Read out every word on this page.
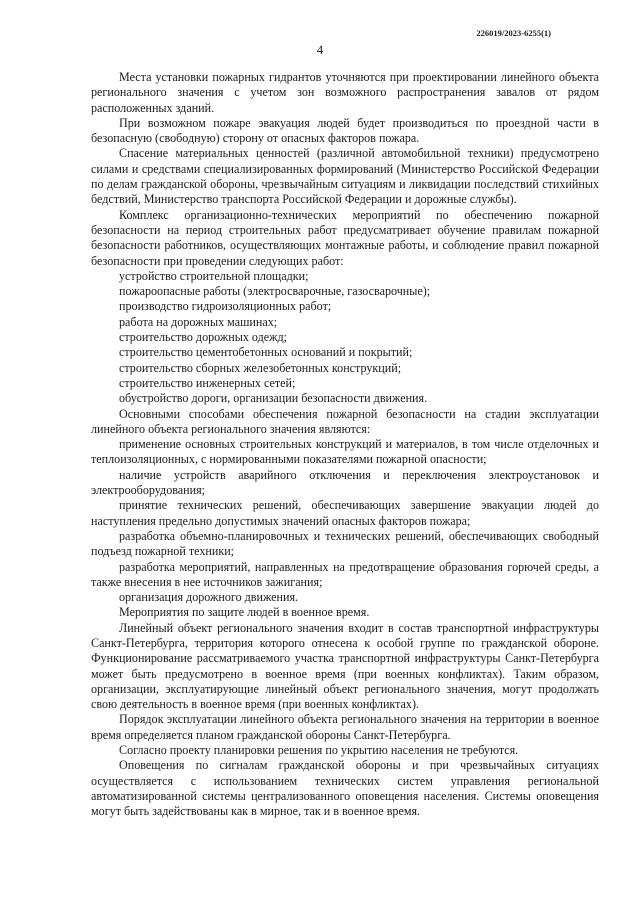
226019/2023-6255(1)
4

Места установки пожарных гидрантов уточняются при проектировании линейного объекта регионального значения с учетом зон возможного распространения завалов от рядом расположенных зданий.

При возможном пожаре эвакуация людей будет производиться по проездной части в безопасную (свободную) сторону от опасных факторов пожара.

Спасение материальных ценностей (различной автомобильной техники) предусмотрено силами и средствами специализированных формирований (Министерство Российской Федерации по делам гражданской обороны, чрезвычайным ситуациям и ликвидации последствий стихийных бедствий, Министерство транспорта Российской Федерации и дорожные службы).

Комплекс организационно-технических мероприятий по обеспечению пожарной безопасности на период строительных работ предусматривает обучение правилам пожарной безопасности работников, осуществляющих монтажные работы, и соблюдение правил пожарной безопасности при проведении следующих работ:

устройство строительной площадки;

пожароопасные работы (электросварочные, газосварочные);

производство гидроизоляционных работ;

работа на дорожных машинах;

строительство дорожных одежд;

строительство цементобетонных оснований и покрытий;

строительство сборных железобетонных конструкций;

строительство инженерных сетей;

обустройство дороги, организации безопасности движения.

Основными способами обеспечения пожарной безопасности на стадии эксплуатации линейного объекта регионального значения являются:

применение основных строительных конструкций и материалов, в том числе отделочных и теплоизоляционных, с нормированными показателями пожарной опасности;

наличие устройств аварийного отключения и переключения электроустановок и электрооборудования;

принятие технических решений, обеспечивающих завершение эвакуации людей до наступления предельно допустимых значений опасных факторов пожара;

разработка объемно-планировочных и технических решений, обеспечивающих свободный подъезд пожарной техники;

разработка мероприятий, направленных на предотвращение образования горючей среды, а также внесения в нее источников зажигания;

организация дорожного движения.

Мероприятия по защите людей в военное время.

Линейный объект регионального значения входит в состав транспортной инфраструктуры Санкт-Петербурга, территория которого отнесена к особой группе по гражданской обороне. Функционирование рассматриваемого участка транспортной инфраструктуры Санкт-Петербурга может быть предусмотрено в военное время (при военных конфликтах). Таким образом, организации, эксплуатирующие линейный объект регионального значения, могут продолжать свою деятельность в военное время (при военных конфликтах).

Порядок эксплуатации линейного объекта регионального значения на территории в военное время определяется планом гражданской обороны Санкт-Петербурга.

Согласно проекту планировки решения по укрытию населения не требуются.

Оповещения по сигналам гражданской обороны и при чрезвычайных ситуациях осуществляется с использованием технических систем управления региональной автоматизированной системы централизованного оповещения населения. Системы оповещения могут быть задействованы как в мирное, так и в военное время.
